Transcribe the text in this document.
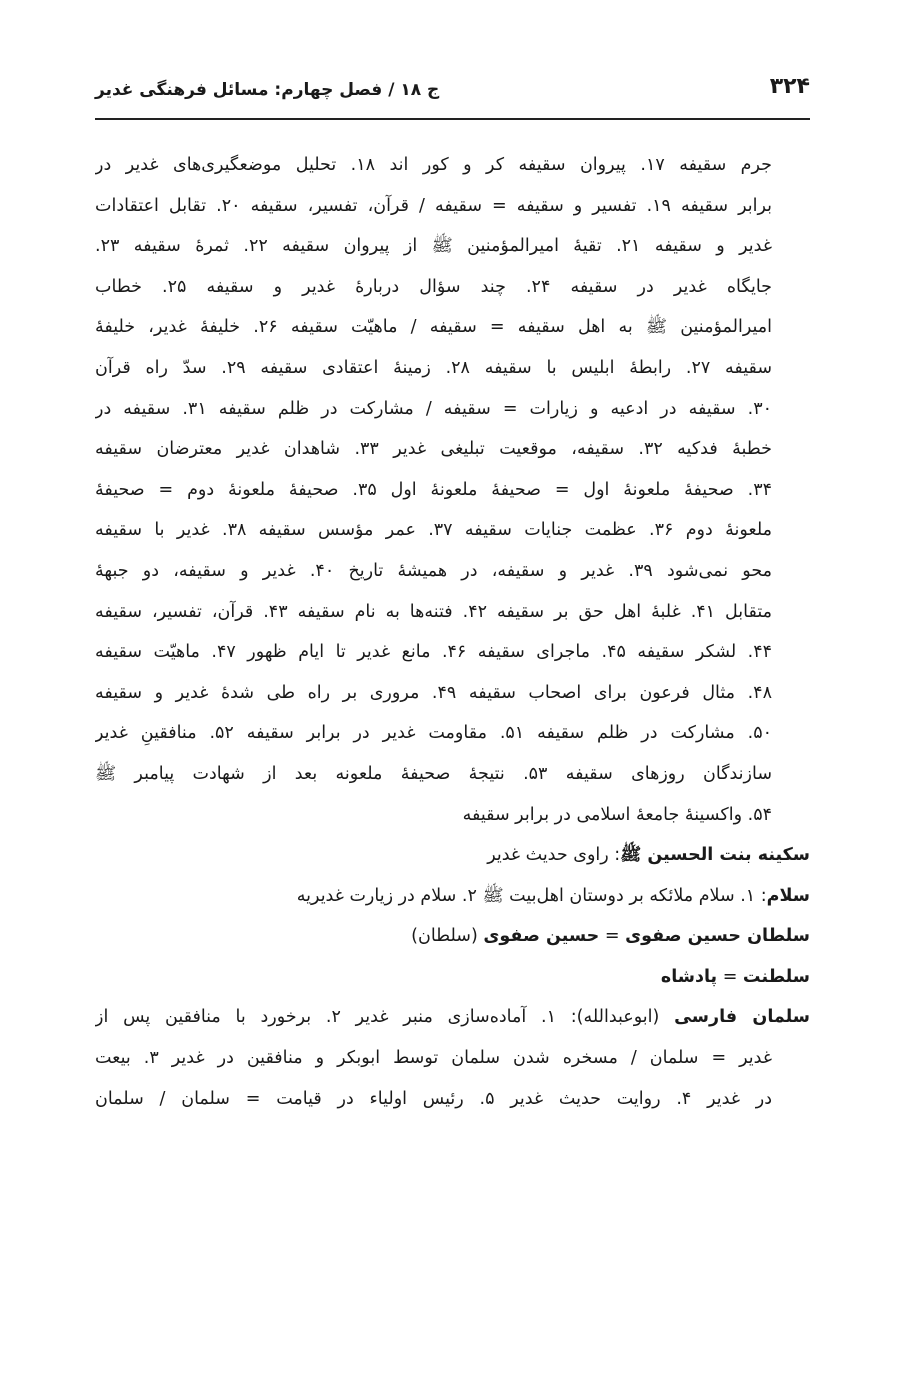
۳۲۴
ج ۱۸ / فصل چهارم: مسائل فرهنگی غدیر
جرم سقیفه ۱۷. پیروان سقیفه کر و کور اند ۱۸. تحلیل موضعگیری‌های غدیر در
برابر سقیفه ۱۹. تفسیر و سقیفه = سقیفه / قرآن، تفسیر، سقیفه ۲۰. تقابل اعتقادات
غدیر و سقیفه ۲۱. تقیهٔ امیرالمؤمنین ﷺ از پیروان سقیفه ۲۲. ثمرهٔ سقیفه ۲۳.
جایگاه غدیر در سقیفه ۲۴. چند سؤال دربارهٔ غدیر و سقیفه ۲۵. خطاب
امیرالمؤمنین ﷺ به اهل سقیفه = سقیفه / ماهیّت سقیفه ۲۶. خلیفهٔ غدیر، خلیفهٔ
سقیفه ۲۷. رابطهٔ ابلیس با سقیفه ۲۸. زمینهٔ اعتقادی سقیفه ۲۹. سدّ راه قرآن
۳۰. سقیفه در ادعیه و زیارات = سقیفه / مشارکت در ظلم سقیفه ۳۱. سقیفه در
خطبهٔ فدکیه ۳۲. سقیفه، موقعیت تبلیغی غدیر ۳۳. شاهدان غدیر معترضان سقیفه
۳۴. صحیفهٔ ملعونهٔ اول = صحیفهٔ ملعونهٔ اول ۳۵. صحیفهٔ ملعونهٔ دوم = صحیفهٔ
ملعونهٔ دوم ۳۶. عظمت جنایات سقیفه ۳۷. عمر مؤسس سقیفه ۳۸. غدیر با سقیفه
محو نمی‌شود ۳۹. غدیر و سقیفه، در همیشهٔ تاریخ ۴۰. غدیر و سقیفه، دو جبههٔ
متقابل ۴۱. غلبهٔ اهل حق بر سقیفه ۴۲. فتنه‌ها به نام سقیفه ۴۳. قرآن، تفسیر، سقیفه
۴۴. لشکر سقیفه ۴۵. ماجرای سقیفه ۴۶. مانع غدیر تا ایام ظهور ۴۷. ماهیّت سقیفه
۴۸. مثال فرعون برای اصحاب سقیفه ۴۹. مروری بر راه طی شدهٔ غدیر و سقیفه
۵۰. مشارکت در ظلم سقیفه ۵۱. مقاومت غدیر در برابر سقیفه ۵۲. منافقینِ غدیر
سازندگان روزهای سقیفه ۵۳. نتیجهٔ صحیفهٔ ملعونه بعد از شهادت پیامبر ﷺ
۵۴. واکسینهٔ جامعهٔ اسلامی در برابر سقیفه
سکینه بنت الحسین ﷺ: راوی حدیث غدیر
سلام: ۱. سلام ملائکه بر دوستان اهل‌بیت ﷺ ۲. سلام در زیارت غدیریه
سلطان حسین صفوی = حسین صفوی (سلطان)
سلطنت = پادشاه
سلمان فارسی (ابوعبدالله): ۱. آماده‌سازی منبر غدیر ۲. برخورد با منافقین پس از
غدیر = سلمان / مسخره شدن سلمان توسط ابوبکر و منافقین در غدیر ۳. بیعت
در غدیر ۴. روایت حدیث غدیر ۵. رئیس اولیاء در قیامت = سلمان / سلمان
